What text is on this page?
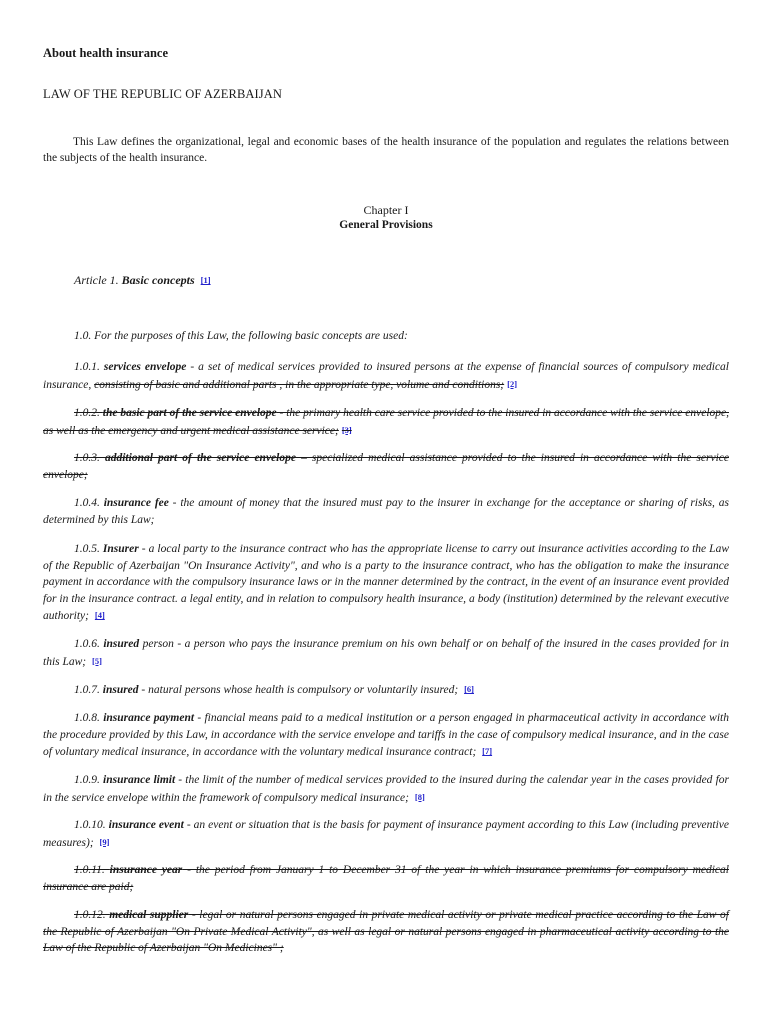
About health insurance

LAW OF THE REPUBLIC OF AZERBAIJAN

This Law defines the organizational, legal and economic bases of the health insurance of the population and regulates the relations between the subjects of the health insurance.

Chapter I

General Provisions

Article 1. Basic concepts [1]

1.0. For the purposes of this Law, the following basic concepts are used:

1.0.1. services envelope - a set of medical services provided to insured persons at the expense of financial sources of compulsory medical insurance, consisting of basic and additional parts , in the appropriate type, volume and conditions; [2]

1.0.2. the basic part of the service envelope - the primary health care service provided to the insured in accordance with the service envelope, as well as the emergency and urgent medical assistance service; [3]

1.0.3. additional part of the service envelope – specialized medical assistance provided to the insured in accordance with the service envelope;

1.0.4. insurance fee - the amount of money that the insured must pay to the insurer in exchange for the acceptance or sharing of risks, as determined by this Law;

1.0.5. Insurer - a local party to the insurance contract who has the appropriate license to carry out insurance activities according to the Law of the Republic of Azerbaijan "On Insurance Activity", and who is a party to the insurance contract, who has the obligation to make the insurance payment in accordance with the compulsory insurance laws or in the manner determined by the contract, in the event of an insurance event provided for in the insurance contract. a legal entity, and in relation to compulsory health insurance, a body (institution) determined by the relevant executive authority; [4]

1.0.6. insured person - a person who pays the insurance premium on his own behalf or on behalf of the insured in the cases provided for in this Law; [5]

1.0.7. insured - natural persons whose health is compulsory or voluntarily insured; [6]

1.0.8. insurance payment - financial means paid to a medical institution or a person engaged in pharmaceutical activity in accordance with the procedure provided by this Law, in accordance with the service envelope and tariffs in the case of compulsory medical insurance, and in the case of voluntary medical insurance, in accordance with the voluntary medical insurance contract; [7]

1.0.9. insurance limit - the limit of the number of medical services provided to the insured during the calendar year in the cases provided for in the service envelope within the framework of compulsory medical insurance; [8]

1.0.10. insurance event - an event or situation that is the basis for payment of insurance payment according to this Law (including preventive measures); [9]

1.0.11. insurance year - the period from January 1 to December 31 of the year in which insurance premiums for compulsory medical insurance are paid;

1.0.12. medical supplier - legal or natural persons engaged in private medical activity or private medical practice according to the Law of the Republic of Azerbaijan "On Private Medical Activity", as well as legal or natural persons engaged in pharmaceutical activity according to the Law of the Republic of Azerbaijan "On Medicines" ;
